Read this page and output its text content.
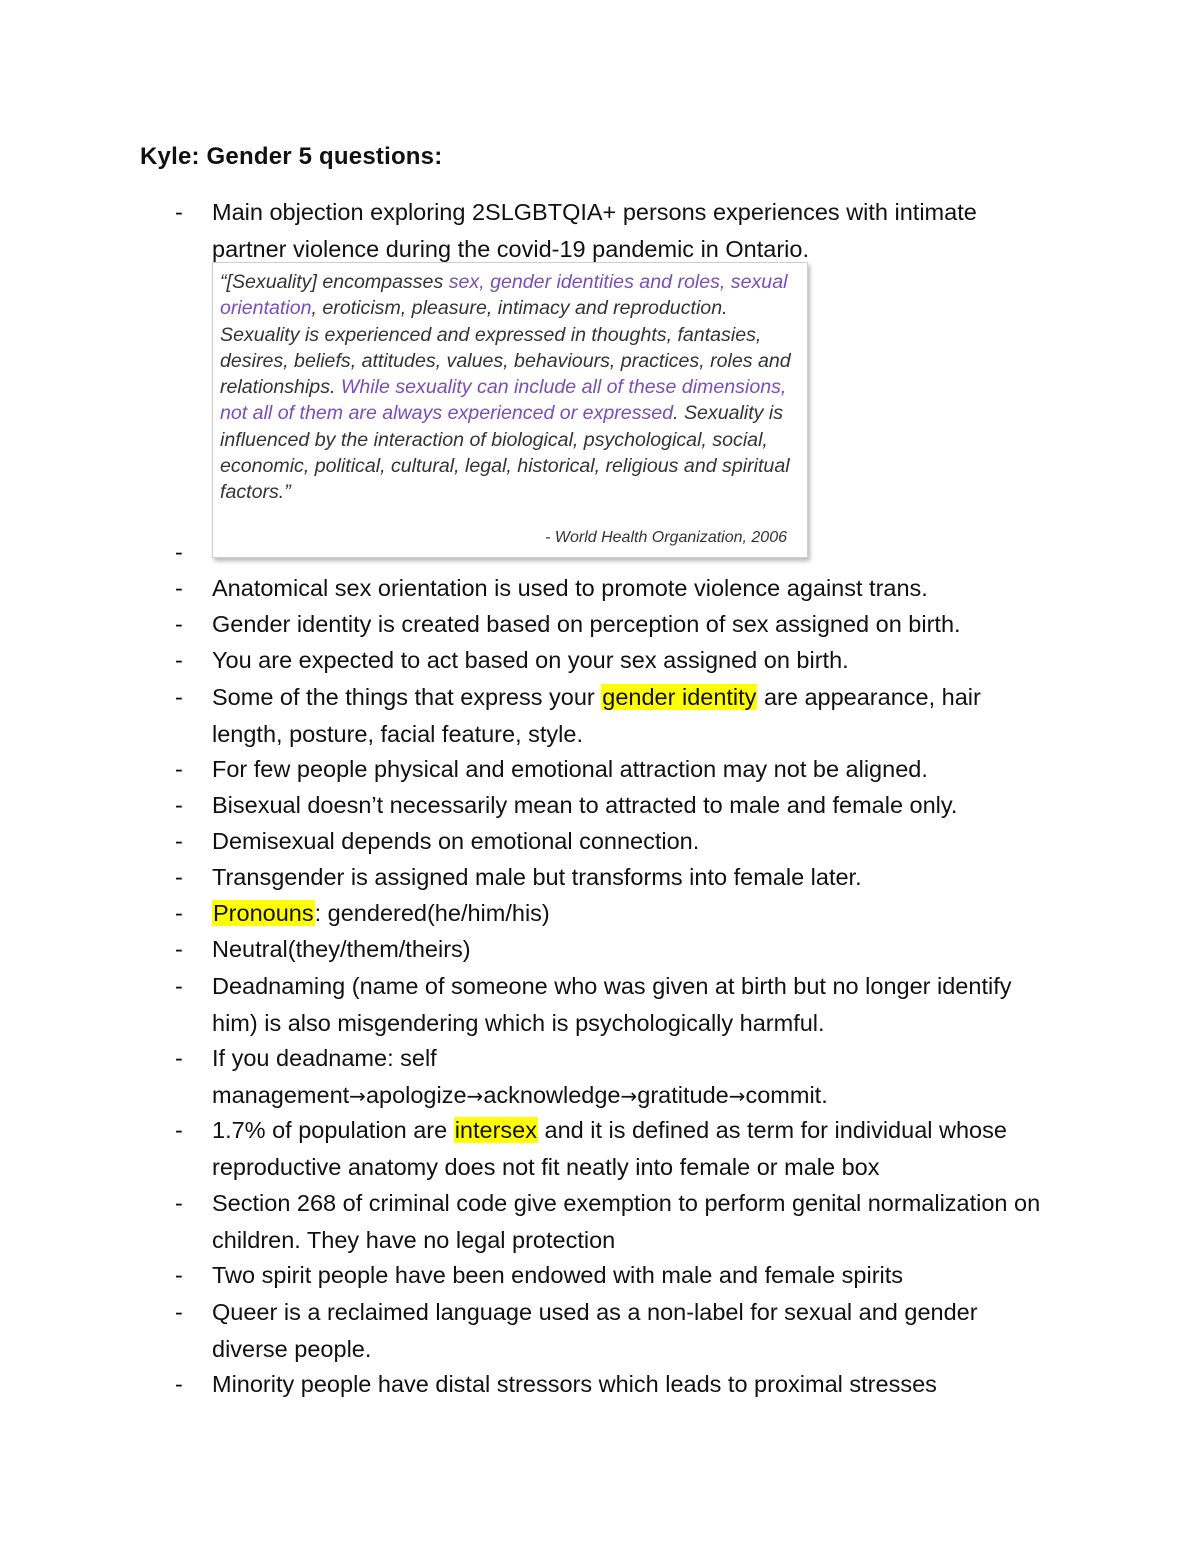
Kyle: Gender 5 questions:
-	Main objection exploring 2SLGBTQIA+ persons experiences with intimate partner violence during the covid-19 pandemic in Ontario.
-
“[Sexuality] encompasses sex, gender identities and roles, sexual orientation, eroticism, pleasure, intimacy and reproduction. Sexuality is experienced and expressed in thoughts, fantasies, desires, beliefs, attitudes, values, behaviours, practices, roles and relationships. While sexuality can include all of these dimensions, not all of them are always experienced or expressed. Sexuality is influenced by the interaction of biological, psychological, social, economic, political, cultural, legal, historical, religious and spiritual factors.”
- World Health Organization, 2006
-	Anatomical sex orientation is used to promote violence against trans.
-	Gender identity is created based on perception of sex assigned on birth.
-	You are expected to act based on your sex assigned on birth.
-	Some of the things that express your gender identity are appearance, hair length, posture, facial feature, style.
-	For few people physical and emotional attraction may not be aligned.
-	Bisexual doesn’t necessarily mean to attracted to male and female only.
-	Demisexual depends on emotional connection.
-	Transgender is assigned male but transforms into female later.
-	Pronouns: gendered(he/him/his)
-	Neutral(they/them/theirs)
-	Deadnaming (name of someone who was given at birth but no longer identify him) is also misgendering which is psychologically harmful.
-	If you deadname: self
management→apologize→acknowledge→gratitude→commit.
-	1.7% of population are intersex and it is defined as term for individual whose reproductive anatomy does not fit neatly into female or male box
-	Section 268 of criminal code give exemption to perform genital normalization on children. They have no legal protection
-	Two spirit people have been endowed with male and female spirits
-	Queer is a reclaimed language used as a non-label for sexual and gender diverse people.
-	Minority people have distal stressors which leads to proximal stresses
